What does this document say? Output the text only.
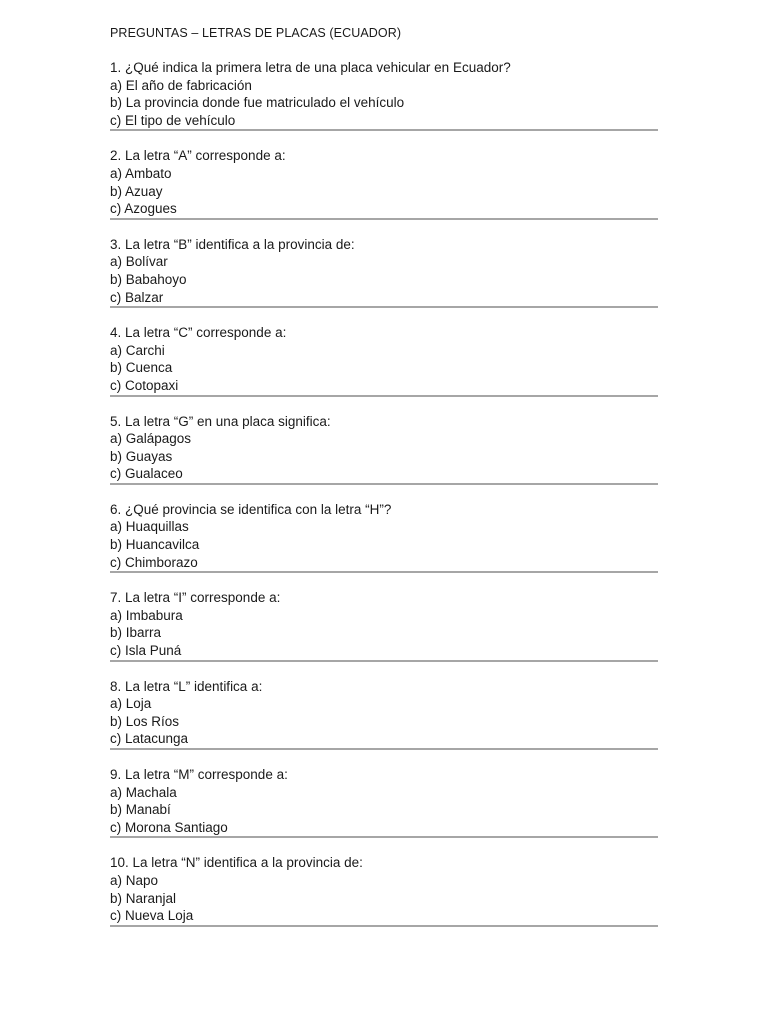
PREGUNTAS – LETRAS DE PLACAS (ECUADOR)
1. ¿Qué indica la primera letra de una placa vehicular en Ecuador?
a) El año de fabricación
b) La provincia donde fue matriculado el vehículo
c) El tipo de vehículo
2. La letra “A” corresponde a:
a) Ambato
b) Azuay
c) Azogues
3. La letra “B” identifica a la provincia de:
a) Bolívar
b) Babahoyo
c) Balzar
4. La letra “C” corresponde a:
a) Carchi
b) Cuenca
c) Cotopaxi
5. La letra “G” en una placa significa:
a) Galápagos
b) Guayas
c) Gualaceo
6. ¿Qué provincia se identifica con la letra “H”?
a) Huaquillas
b) Huancavilca
c) Chimborazo
7. La letra “I” corresponde a:
a) Imbabura
b) Ibarra
c) Isla Puná
8. La letra “L” identifica a:
a) Loja
b) Los Ríos
c) Latacunga
9. La letra “M” corresponde a:
a) Machala
b) Manabí
c) Morona Santiago
10. La letra “N” identifica a la provincia de:
a) Napo
b) Naranjal
c) Nueva Loja
